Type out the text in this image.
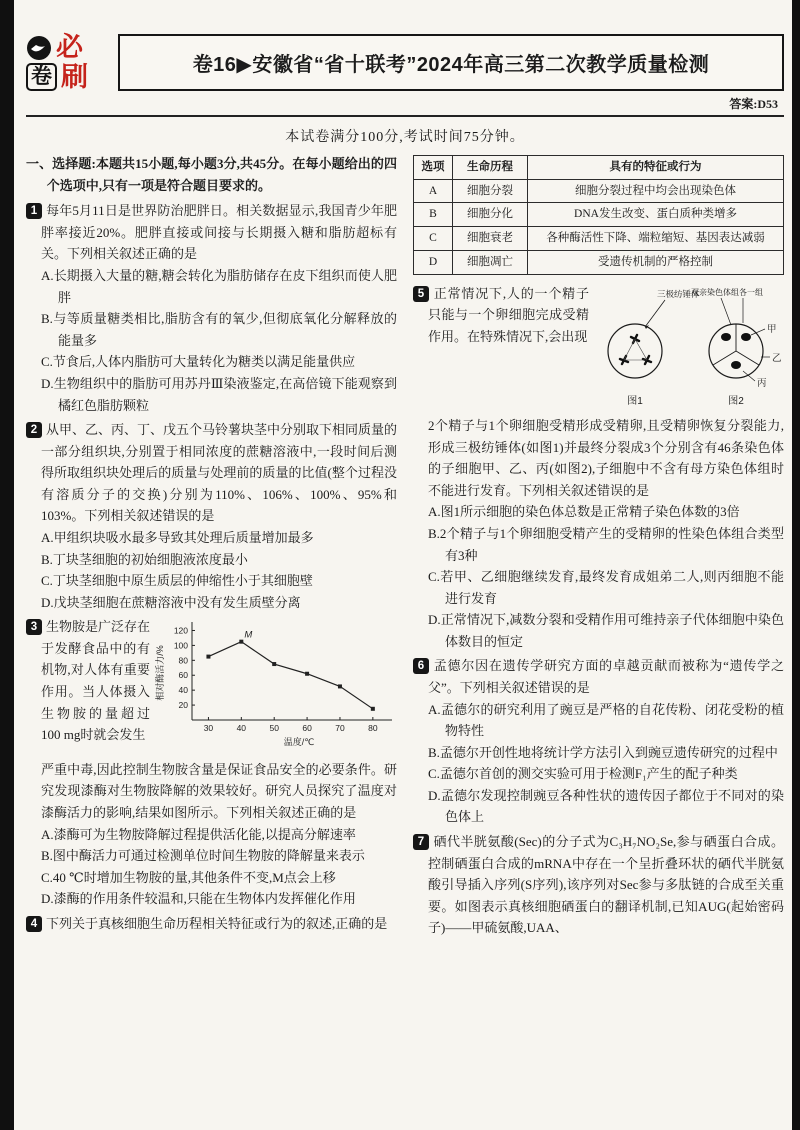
必
卷 刷	卷16▶安徽省“省十联考”2024年高三第二次教学质量检测
答案:D53
本试卷满分100分,考试时间75分钟。
一、选择题:本题共15小题,每小题3分,共45分。在每小题给出的四个选项中,只有一项是符合题目要求的。
1 每年5月11日是世界防治肥胖日。相关数据显示,我国青少年肥胖率接近20%。肥胖直接或间接与长期摄入糖和脂肪超标有关。下列相关叙述正确的是
A.长期摄入大量的糖,糖会转化为脂肪储存在皮下组织而使人肥胖
B.与等质量糖类相比,脂肪含有的氧少,但彻底氧化分解释放的能量多
C.节食后,人体内脂肪可大量转化为糖类以满足能量供应
D.生物组织中的脂肪可用苏丹Ⅲ染液鉴定,在高倍镜下能观察到橘红色脂肪颗粒
2 从甲、乙、丙、丁、戊五个马铃薯块茎中分别取下相同质量的一部分组织块,分别置于相同浓度的蔗糖溶液中,一段时间后测得所取组织块处理后的质量与处理前的质量的比值(整个过程没有溶质分子的交换)分别为110%、106%、100%、95%和103%。下列相关叙述错误的是
A.甲组织块吸水最多导致其处理后质量增加最多
B.丁块茎细胞的初始细胞液浓度最小
C.丁块茎细胞中原生质层的伸缩性小于其细胞壁
D.戊块茎细胞在蔗糖溶液中没有发生质壁分离
3 生物胺是广泛存在于发酵食品中的有机物,对人体有重要作用。当人体摄入生物胺的量超过100 mg时就会发生
20
40
60
80
100
120
30	40	50	60	70	80
M
温度/℃
相对酶活力/%
严重中毒,因此控制生物胺含量是保证食品安全的必要条件。研究发现漆酶对生物胺降解的效果较好。研究人员探究了温度对漆酶活力的影响,结果如图所示。下列相关叙述正确的是
A.漆酶可为生物胺降解过程提供活化能,以提高分解速率
B.图中酶活力可通过检测单位时间生物胺的降解量来表示
C.40 ℃时增加生物胺的量,其他条件不变,M点会上移
D.漆酶的作用条件较温和,只能在生物体内发挥催化作用
4 下列关于真核细胞生命历程相关特征或行为的叙述,正确的是
选项	生命历程	具有的特征或行为
A	细胞分裂	细胞分裂过程中均会出现染色体
B	细胞分化	DNA发生改变、蛋白质种类增多
C	细胞衰老	各种酶活性下降、端粒缩短、基因表达减弱
D	细胞凋亡	受遗传机制的严格控制
5 正常情况下,人的一个精子只能与一个卵细胞完成受精作用。在特殊情况下,会出现
三极纺锤体
双亲染色体组各一组
甲
乙
丙
图1	图2
2个精子与1个卵细胞受精形成受精卵,且受精卵恢复分裂能力,形成三极纺锤体(如图1)并最终分裂成3个分别含有46条染色体的子细胞甲、乙、丙(如图2),子细胞中不含有母方染色体组时不能进行发育。下列相关叙述错误的是
A.图1所示细胞的染色体总数是正常精子染色体数的3倍
B.2个精子与1个卵细胞受精产生的受精卵的性染色体组合类型有3种
C.若甲、乙细胞继续发育,最终发育成姐弟二人,则丙细胞不能进行发育
D.正常情况下,减数分裂和受精作用可维持亲子代体细胞中染色体数目的恒定
6 孟德尔因在遗传学研究方面的卓越贡献而被称为“遗传学之父”。下列相关叙述错误的是
A.孟德尔的研究利用了豌豆是严格的自花传粉、闭花受粉的植物特性
B.孟德尔开创性地将统计学方法引入到豌豆遗传研究的过程中
C.孟德尔首创的测交实验可用于检测F₁产生的配子种类
D.孟德尔发现控制豌豆各种性状的遗传因子都位于不同对的染色体上
7 硒代半胱氨酸(Sec)的分子式为C₃H₇NO₂Se,参与硒蛋白合成。控制硒蛋白合成的mRNA中存在一个呈折叠环状的硒代半胱氨酸引导插入序列(S序列),该序列对Sec参与多肽链的合成至关重要。如图表示真核细胞硒蛋白的翻译机制,已知AUG(起始密码子)——甲硫氨酸,UAA、
